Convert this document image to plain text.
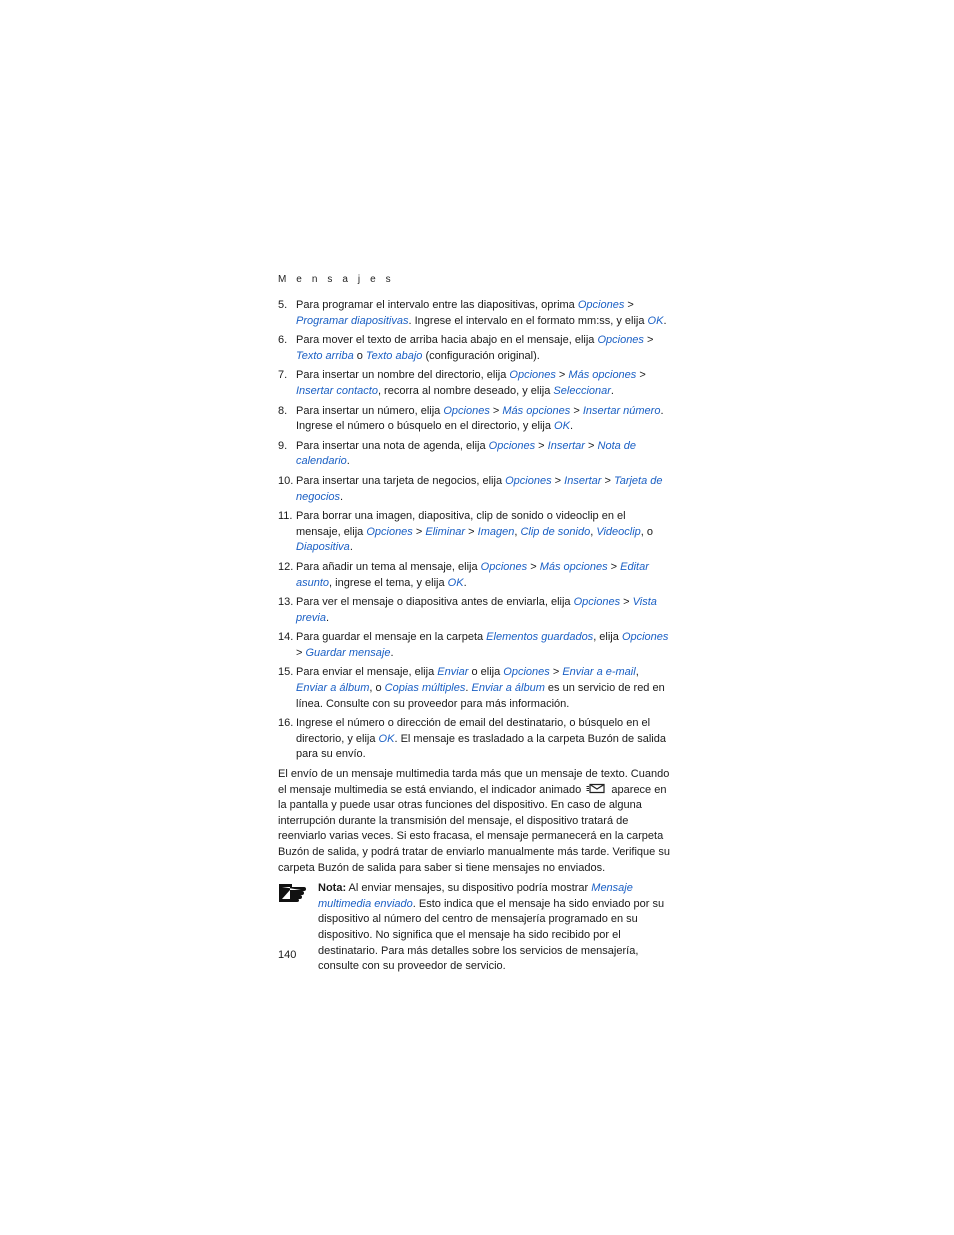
M e n s a j e s
5. Para programar el intervalo entre las diapositivas, oprima Opciones > Programar diapositivas. Ingrese el intervalo en el formato mm:ss, y elija OK.
6. Para mover el texto de arriba hacia abajo en el mensaje, elija Opciones > Texto arriba o Texto abajo (configuración original).
7. Para insertar un nombre del directorio, elija Opciones > Más opciones > Insertar contacto, recorra al nombre deseado, y elija Seleccionar.
8. Para insertar un número, elija Opciones > Más opciones > Insertar número. Ingrese el número o búsquelo en el directorio, y elija OK.
9. Para insertar una nota de agenda, elija Opciones > Insertar > Nota de calendario.
10. Para insertar una tarjeta de negocios, elija Opciones > Insertar > Tarjeta de negocios.
11. Para borrar una imagen, diapositiva, clip de sonido o videoclip en el mensaje, elija Opciones > Eliminar > Imagen, Clip de sonido, Videoclip, o Diapositiva.
12. Para añadir un tema al mensaje, elija Opciones > Más opciones > Editar asunto, ingrese el tema, y elija OK.
13. Para ver el mensaje o diapositiva antes de enviarla, elija Opciones > Vista previa.
14. Para guardar el mensaje en la carpeta Elementos guardados, elija Opciones > Guardar mensaje.
15. Para enviar el mensaje, elija Enviar o elija Opciones > Enviar a e-mail, Enviar a álbum, o Copias múltiples. Enviar a álbum es un servicio de red en línea. Consulte con su proveedor para más información.
16. Ingrese el número o dirección de email del destinatario, o búsquelo en el directorio, y elija OK. El mensaje es trasladado a la carpeta Buzón de salida para su envío.

El envío de un mensaje multimedia tarda más que un mensaje de texto. Cuando el mensaje multimedia se está enviando, el indicador animado	aparece en la pantalla y puede usar otras funciones del dispositivo. En caso de alguna interrupción durante la transmisión del mensaje, el dispositivo tratará de reenviarlo varias veces. Si esto fracasa, el mensaje permanecerá en la carpeta Buzón de salida, y podrá tratar de enviarlo manualmente más tarde. Verifique su carpeta Buzón de salida para saber si tiene mensajes no enviados.

Nota: Al enviar mensajes, su dispositivo podría mostrar Mensaje multimedia enviado. Esto indica que el mensaje ha sido enviado por su dispositivo al número del centro de mensajería programado en su dispositivo. No significa que el mensaje ha sido recibido por el destinatario. Para más detalles sobre los servicios de mensajería, consulte con su proveedor de servicio.
140
